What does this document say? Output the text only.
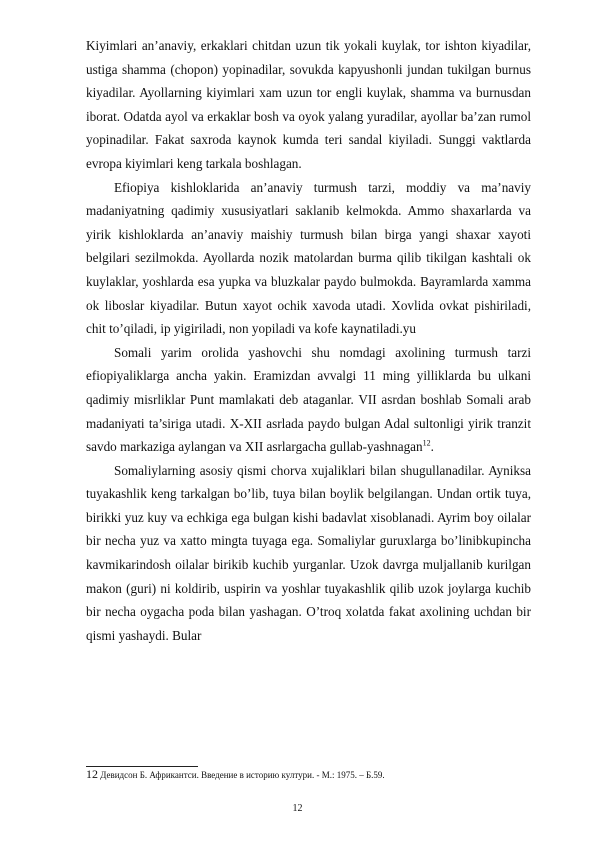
Kiyimlari an’anaviy, erkaklari chitdan uzun tik yokali kuylak, tor ishton kiyadilar, ustiga shamma (chopon) yopinadilar, sovukda kapyushonli jundan tukilgan burnus kiyadilar. Ayollarning kiyimlari xam uzun tor engli kuylak, shamma va burnusdan iborat. Odatda ayol va erkaklar bosh va oyok yalang yuradilar, ayollar ba’zan rumol yopinadilar. Fakat saxroda kaynok kumda teri sandal kiyiladi. Sunggi vaktlarda evropa kiyimlari keng tarkala boshlagan.

Efiopiya kishloklarida an’anaviy turmush tarzi, moddiy va ma’naviy madaniyatning qadimiy xususiyatlari saklanib kelmokda. Ammo shaxarlarda va yirik kishloklarda an’anaviy maishiy turmush bilan birga yangi shaxar xayoti belgilari sezilmokda. Ayollarda nozik matolardan burma qilib tikilgan kashtali ok kuylaklar, yoshlarda esa yupka va bluzkalar paydo bulmokda. Bayramlarda xamma ok liboslar kiyadilar. Butun xayot ochik xavoda utadi. Xovlida ovkat pishiriladi, chit to’qiladi, ip yigiriladi, non yopiladi va kofe kaynatiladi.yu

Somali yarim orolida yashovchi shu nomdagi axolining turmush tarzi efiopiyaliklarga ancha yakin. Eramizdan avvalgi 11 ming yilliklarda bu ulkani qadimiy misrliklar Punt mamlakati deb ataganlar. VII asrdan boshlab Somali arab madaniyati ta’siriga utadi. X-XII asrlada paydo bulgan Adal sultonligi yirik tranzit savdo markaziga aylangan va XII asrlargacha gullab-yashnagan$^{12}$.

Somaliylarning asosiy qismi chorva xujaliklari bilan shugullanadilar. Ayniksa tuyakashlik keng tarkalgan bo’lib, tuya bilan boylik belgilangan. Undan ortik tuya, birikki yuz kuy va echkiga ega bulgan kishi badavlat xisoblanadi. Ayrim boy oilalar bir necha yuz va xatto mingta tuyaga ega. Somaliylar guruxlarga bo’linibkupincha kavmikarindosh oilalar birikib kuchib yurganlar. Uzok davrga muljallanib kurilgan makon (guri) ni koldirib, uspirin va yoshlar tuyakashlik qilib uzok joylarga kuchib bir necha oygacha poda bilan yashagan. O’troq xolatda fakat axolining uchdan bir qismi yashaydi. Bular

12 Девидсон Б. Африкантси. Введение в историю култури. - М.: 1975. – Б.59.
12
